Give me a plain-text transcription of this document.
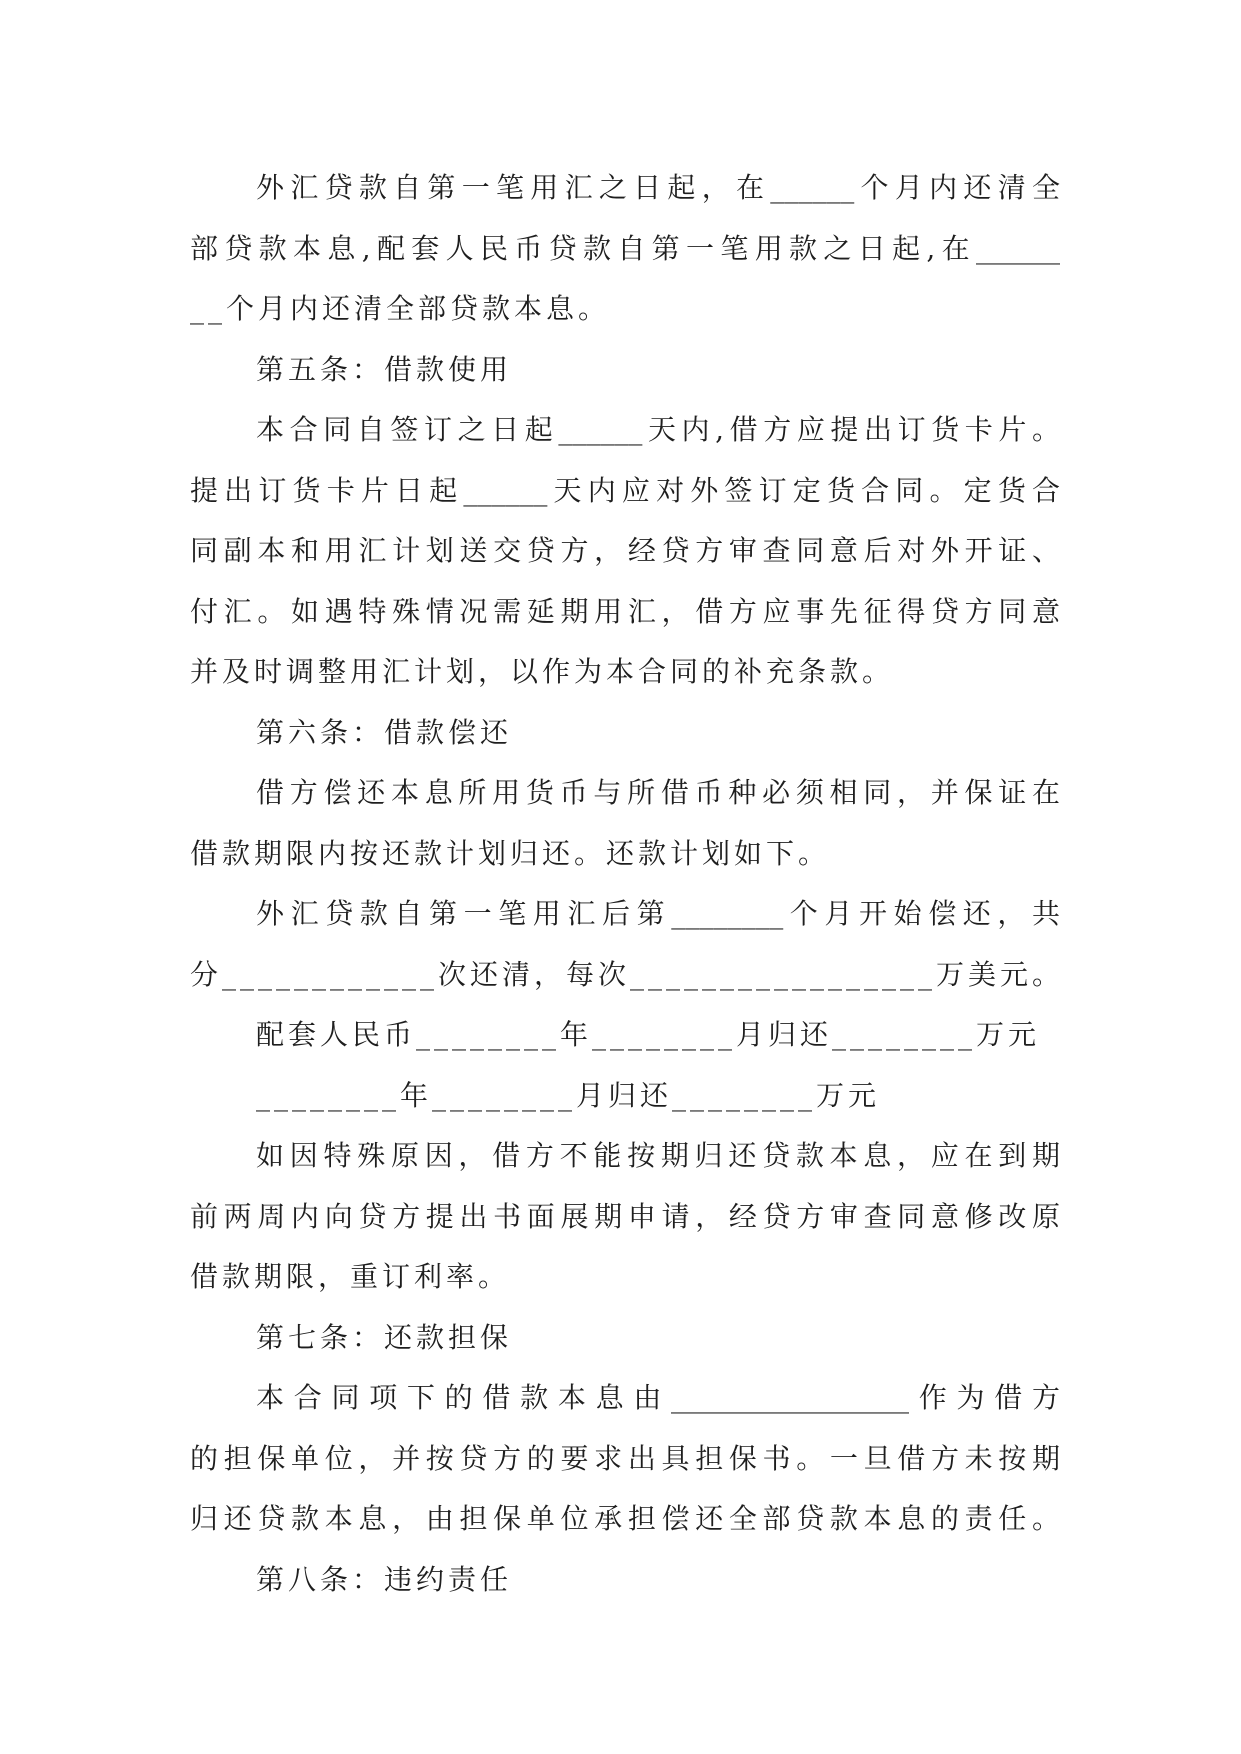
外汇贷款自第一笔用汇之日起，在______个月内还清全
部贷款本息,配套人民币贷款自第一笔用款之日起,在______
__个月内还清全部贷款本息。
第五条：借款使用
本合同自签订之日起______天内,借方应提出订货卡片。
提出订货卡片日起______天内应对外签订定货合同。定货合
同副本和用汇计划送交贷方，经贷方审查同意后对外开证、
付汇。如遇特殊情况需延期用汇，借方应事先征得贷方同意
并及时调整用汇计划，以作为本合同的补充条款。
第六条：借款偿还
借方偿还本息所用货币与所借币种必须相同，并保证在
借款期限内按还款计划归还。还款计划如下。
外汇贷款自第一笔用汇后第________个月开始偿还，共
分____________次还清，每次_________________万美元。
配套人民币________年________月归还________万元
________年________月归还________万元
如因特殊原因，借方不能按期归还贷款本息，应在到期
前两周内向贷方提出书面展期申请，经贷方审查同意修改原
借款期限，重订利率。
第七条：还款担保
本合同项下的借款本息由_________________作为借方
的担保单位，并按贷方的要求出具担保书。一旦借方未按期
归还贷款本息，由担保单位承担偿还全部贷款本息的责任。
第八条：违约责任
